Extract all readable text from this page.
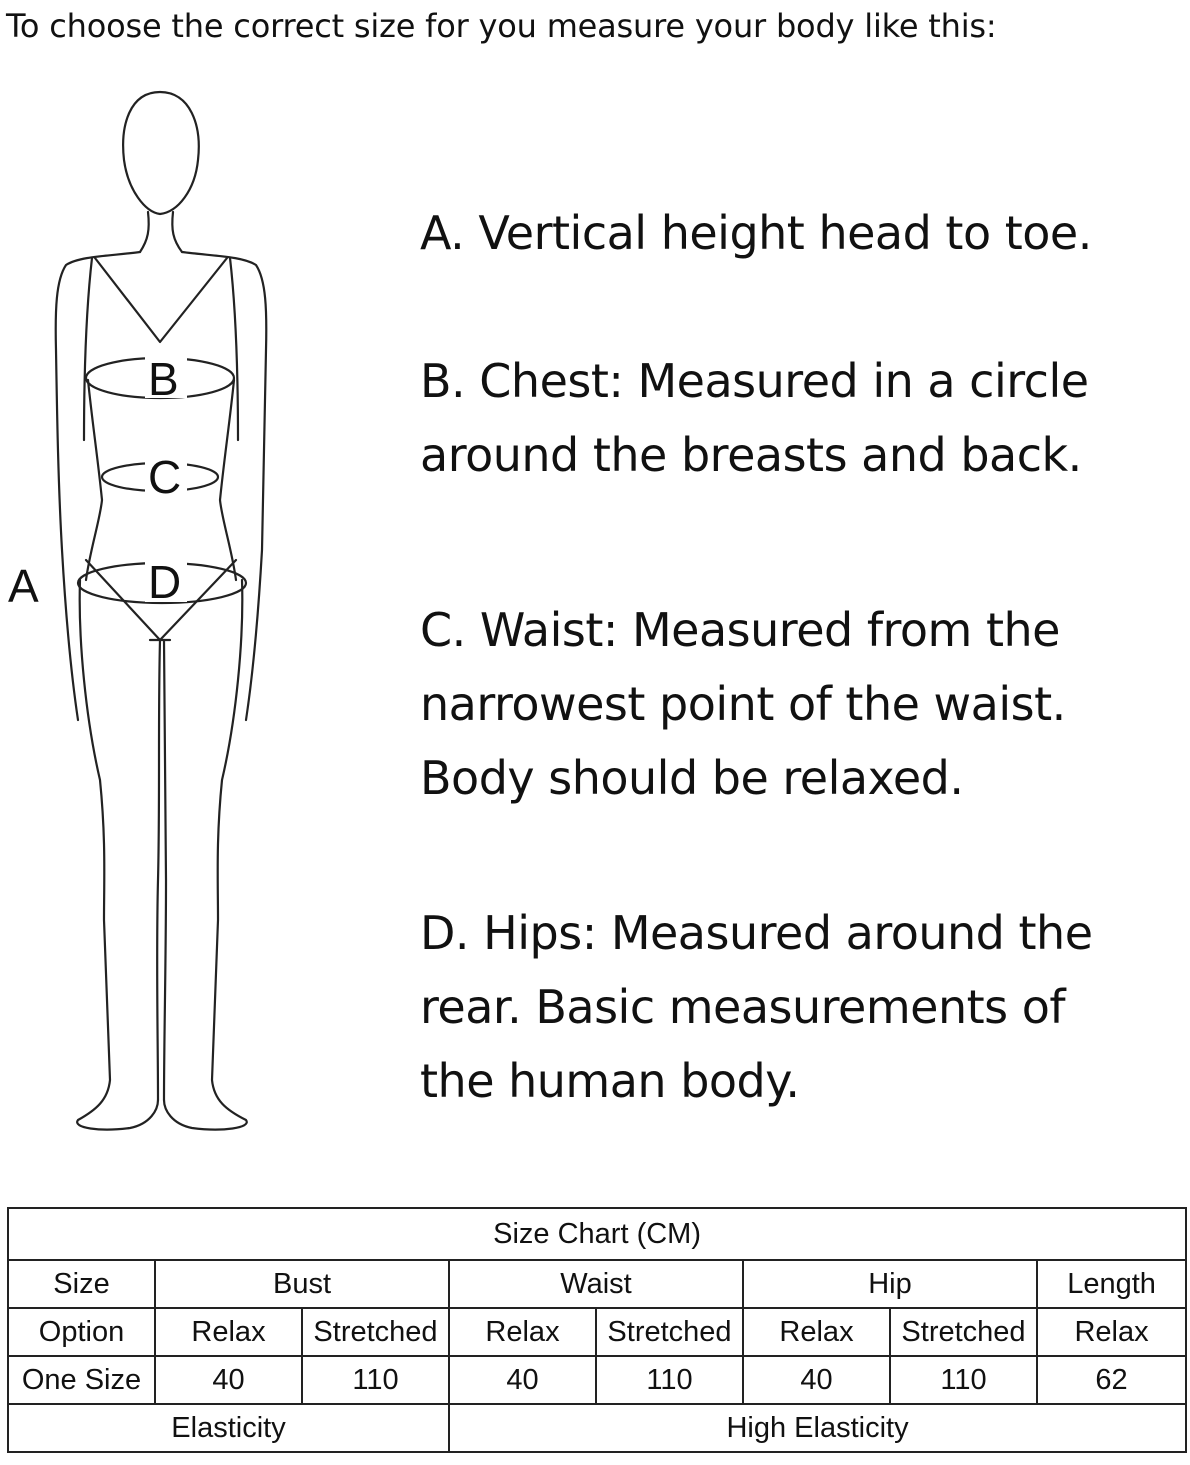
To choose the correct size for you measure your body like this:
B
C
D
A
A. Vertical height head to toe.
B. Chest: Measured in a circle
around the breasts and back.
C. Waist: Measured from the
narrowest point of the waist.
Body should be relaxed.
D. Hips: Measured around the
rear. Basic measurements of
the human body.
Size Chart (CM)							
Size	Bust		Waist		Hip		Length
Option	Relax	Stretched	Relax	Stretched	Relax	Stretched	Relax
One Size	40	110	40	110	40	110	62
Elasticity			High Elasticity				
